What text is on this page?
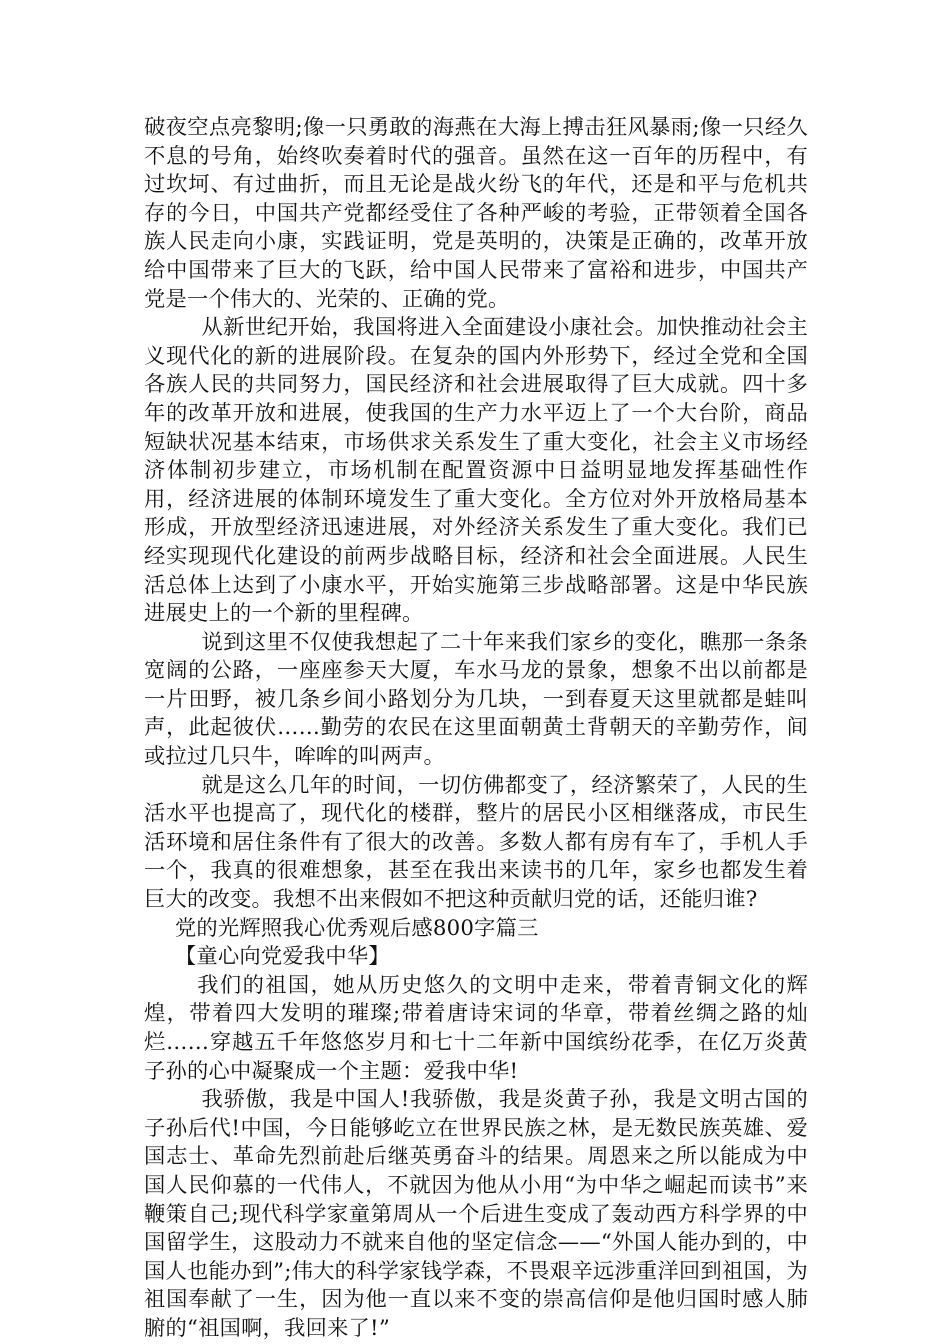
破夜空点亮黎明;像一只勇敢的海燕在大海上搏击狂风暴雨;像一只经久不息的号角，始终吹奏着时代的强音。虽然在这一百年的历程中，有过坎坷、有过曲折，而且无论是战火纷飞的年代，还是和平与危机共存的今日，中国共产党都经受住了各种严峻的考验，正带领着全国各族人民走向小康，实践证明，党是英明的，决策是正确的，改革开放给中国带来了巨大的飞跃，给中国人民带来了富裕和进步，中国共产党是一个伟大的、光荣的、正确的党。

从新世纪开始，我国将进入全面建设小康社会。加快推动社会主义现代化的新的进展阶段。在复杂的国内外形势下，经过全党和全国各族人民的共同努力，国民经济和社会进展取得了巨大成就。四十多年的改革开放和进展，使我国的生产力水平迈上了一个大台阶，商品短缺状况基本结束，市场供求关系发生了重大变化，社会主义市场经济体制初步建立，市场机制在配置资源中日益明显地发挥基础性作用，经济进展的体制环境发生了重大变化。全方位对外开放格局基本形成，开放型经济迅速进展，对外经济关系发生了重大变化。我们已经实现现代化建设的前两步战略目标，经济和社会全面进展。人民生活总体上达到了小康水平，开始实施第三步战略部署。这是中华民族进展史上的一个新的里程碑。

说到这里不仅使我想起了二十年来我们家乡的变化，瞧那一条条宽阔的公路，一座座参天大厦，车水马龙的景象，想象不出以前都是一片田野，被几条乡间小路划分为几块，一到春夏天这里就都是蛙叫声，此起彼伏……勤劳的农民在这里面朝黄土背朝天的辛勤劳作，间或拉过几只牛，哞哞的叫两声。

就是这么几年的时间，一切仿佛都变了，经济繁荣了，人民的生活水平也提高了，现代化的楼群，整片的居民小区相继落成，市民生活环境和居住条件有了很大的改善。多数人都有房有车了，手机人手一个，我真的很难想象，甚至在我出来读书的几年，家乡也都发生着巨大的改变。我想不出来假如不把这种贡献归党的话，还能归谁?

党的光辉照我心优秀观后感800字篇三

【童心向党爱我中华】

我们的祖国，她从历史悠久的文明中走来，带着青铜文化的辉煌，带着四大发明的璀璨;带着唐诗宋词的华章，带着丝绸之路的灿烂……穿越五千年悠悠岁月和七十二年新中国缤纷花季，在亿万炎黄子孙的心中凝聚成一个主题：爱我中华!

我骄傲，我是中国人!我骄傲，我是炎黄子孙，我是文明古国的子孙后代!中国，今日能够屹立在世界民族之林，是无数民族英雄、爱国志士、革命先烈前赴后继英勇奋斗的结果。周恩来之所以能成为中国人民仰慕的一代伟人，不就因为他从小用“为中华之崛起而读书”来鞭策自己;现代科学家童第周从一个后进生变成了轰动西方科学界的中国留学生，这股动力不就来自他的坚定信念——“外国人能办到的，中国人也能办到”;伟大的科学家钱学森，不畏艰辛远涉重洋回到祖国，为祖国奉献了一生，因为他一直以来不变的崇高信仰是他归国时感人肺腑的“祖国啊，我回来了!”
